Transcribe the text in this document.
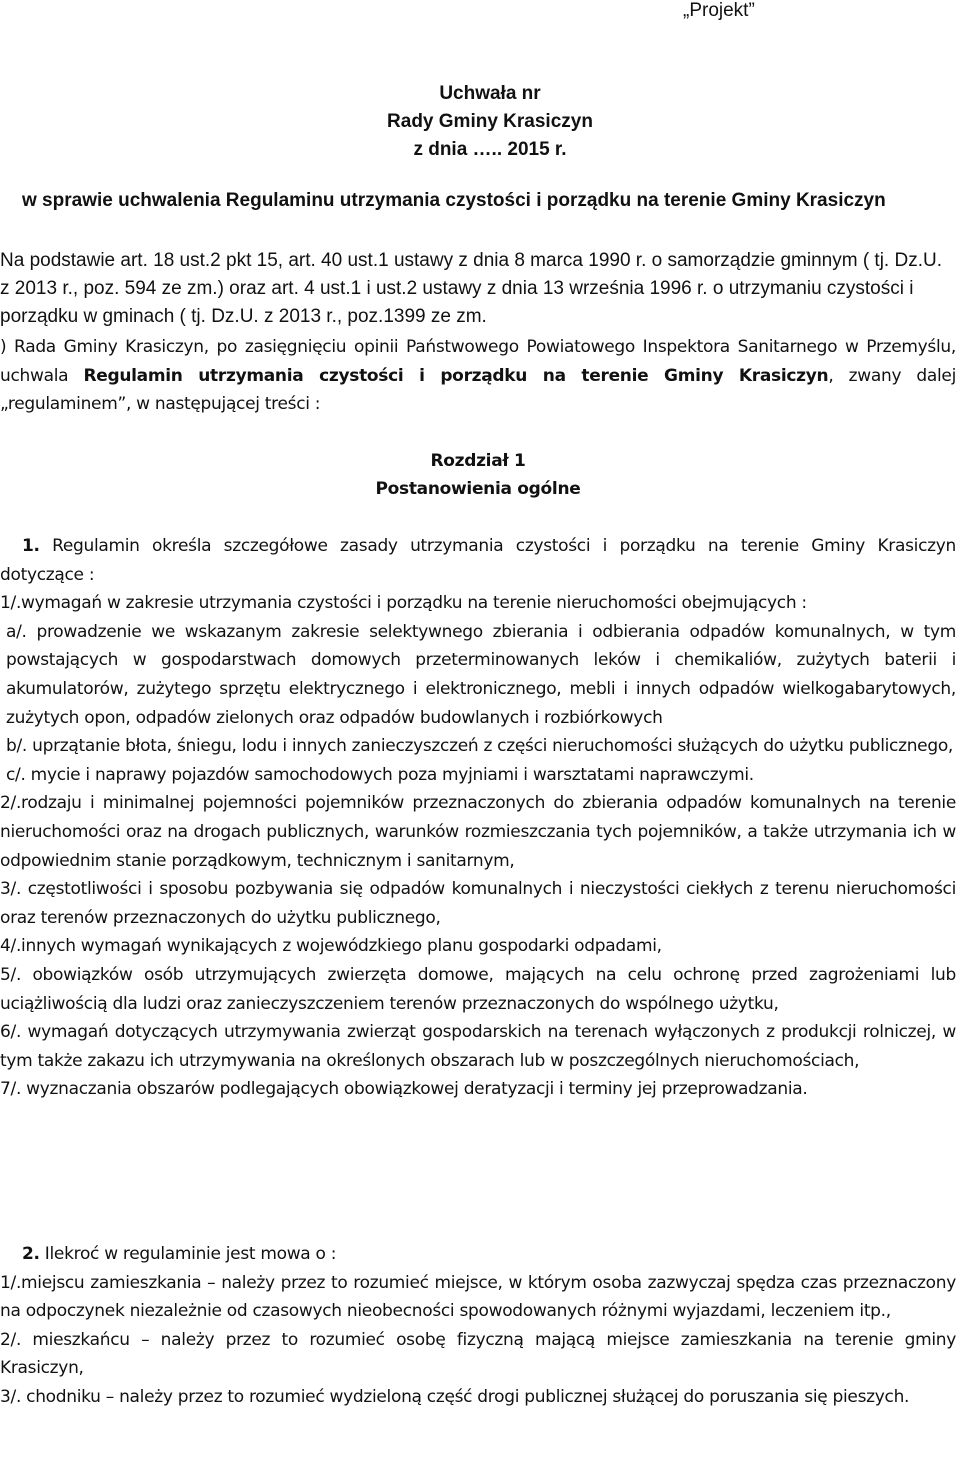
„Projekt”
Uchwała nr
Rady Gminy Krasiczyn
z dnia ….. 2015 r.
w sprawie uchwalenia Regulaminu utrzymania czystości i porządku na terenie Gminy Krasiczyn
Na podstawie art. 18 ust.2 pkt 15, art. 40 ust.1 ustawy z dnia 8 marca 1990 r. o samorządzie gminnym ( tj. Dz.U. z 2013 r., poz. 594 ze zm.) oraz art. 4 ust.1 i ust.2 ustawy z dnia 13 września 1996 r. o utrzymaniu czystości i porządku w gminach ( tj. Dz.U. z 2013 r., poz.1399 ze zm.

) Rada Gminy Krasiczyn, po zasięgnięciu opinii Państwowego Powiatowego Inspektora Sanitarnego w Przemyślu, uchwala Regulamin utrzymania czystości i porządku na terenie Gminy Krasiczyn, zwany dalej „regulaminem”, w następującej treści :

Rozdział 1
Postanowienia ogólne

1. Regulamin określa szczegółowe zasady utrzymania czystości i porządku na terenie Gminy Krasiczyn dotyczące :

1/.wymagań w zakresie utrzymania czystości i porządku na terenie nieruchomości obejmujących :

a/. prowadzenie we wskazanym zakresie selektywnego zbierania i odbierania odpadów komunalnych, w tym powstających w gospodarstwach domowych przeterminowanych leków i chemikaliów, zużytych baterii i akumulatorów, zużytego sprzętu elektrycznego i elektronicznego, mebli i innych odpadów wielkogabarytowych, zużytych opon, odpadów zielonych oraz odpadów budowlanych i rozbiórkowych

b/. uprzątanie błota, śniegu, lodu i innych zanieczyszczeń z części nieruchomości służących do użytku publicznego,

c/. mycie i naprawy pojazdów samochodowych poza myjniami i warsztatami naprawczymi.

2/.rodzaju i minimalnej pojemności pojemników przeznaczonych do zbierania odpadów komunalnych na terenie nieruchomości oraz na drogach publicznych, warunków rozmieszczania tych pojemników, a także utrzymania ich w odpowiednim stanie porządkowym, technicznym i sanitarnym,

3/. częstotliwości i sposobu pozbywania się odpadów komunalnych i nieczystości ciekłych z terenu nieruchomości oraz terenów przeznaczonych do użytku publicznego,

4/.innych wymagań wynikających z wojewódzkiego planu gospodarki odpadami,

5/. obowiązków osób utrzymujących zwierzęta domowe, mających na celu ochronę przed zagrożeniami lub uciążliwością dla ludzi oraz zanieczyszczeniem terenów przeznaczonych do wspólnego użytku,

6/. wymagań dotyczących utrzymywania zwierząt gospodarskich na terenach wyłączonych z produkcji rolniczej, w tym także zakazu ich utrzymywania na określonych obszarach lub w poszczególnych nieruchomościach,

7/. wyznaczania obszarów podlegających obowiązkowej deratyzacji i terminy jej przeprowadzania.

2. Ilekroć w regulaminie jest mowa o :

1/.miejscu zamieszkania – należy przez to rozumieć miejsce, w którym osoba zazwyczaj spędza czas przeznaczony na odpoczynek niezależnie od czasowych nieobecności spowodowanych różnymi wyjazdami, leczeniem itp.,

2/. mieszkańcu – należy przez to rozumieć osobę fizyczną mającą miejsce zamieszkania na terenie gminy Krasiczyn,

3/. chodniku – należy przez to rozumieć wydzieloną część drogi publicznej służącej do poruszania się pieszych.
